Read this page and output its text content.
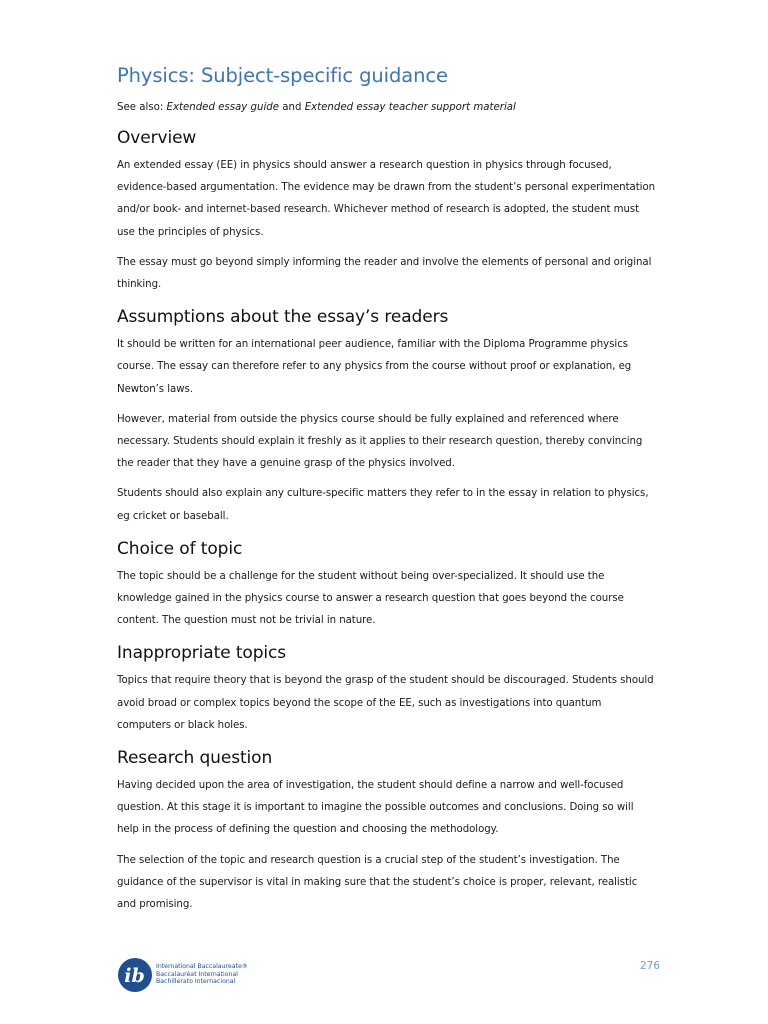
Physics: Subject-specific guidance
See also: Extended essay guide and Extended essay teacher support material
Overview

An extended essay (EE) in physics should answer a research question in physics through focused, evidence-based argumentation. The evidence may be drawn from the student’s personal experimentation and/or book- and internet-based research. Whichever method of research is adopted, the student must use the principles of physics.

The essay must go beyond simply informing the reader and involve the elements of personal and original thinking.

Assumptions about the essay’s readers

It should be written for an international peer audience, familiar with the Diploma Programme physics course. The essay can therefore refer to any physics from the course without proof or explanation, eg Newton’s laws.

However, material from outside the physics course should be fully explained and referenced where necessary. Students should explain it freshly as it applies to their research question, thereby convincing the reader that they have a genuine grasp of the physics involved.

Students should also explain any culture-specific matters they refer to in the essay in relation to physics, eg cricket or baseball.

Choice of topic

The topic should be a challenge for the student without being over-specialized. It should use the knowledge gained in the physics course to answer a research question that goes beyond the course content. The question must not be trivial in nature.

Inappropriate topics

Topics that require theory that is beyond the grasp of the student should be discouraged. Students should avoid broad or complex topics beyond the scope of the EE, such as investigations into quantum computers or black holes.

Research question

Having decided upon the area of investigation, the student should define a narrow and well-focused question. At this stage it is important to imagine the possible outcomes and conclusions. Doing so will help in the process of defining the question and choosing the methodology.

The selection of the topic and research question is a crucial step of the student’s investigation. The guidance of the supervisor is vital in making sure that the student’s choice is proper, relevant, realistic and promising.

ib International Baccalaureate®
Baccalauréat International
Bachillerato Internacional
276
